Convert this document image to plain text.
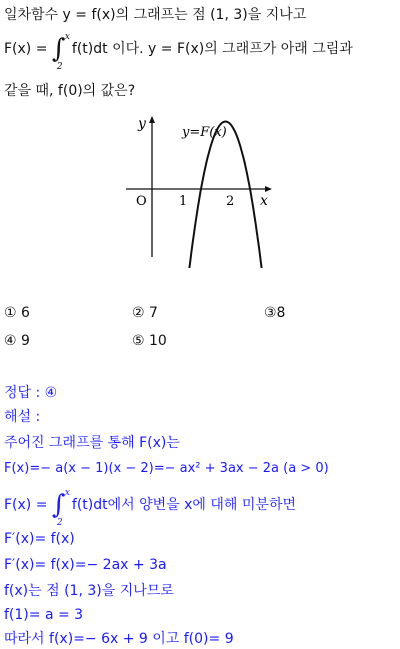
일차함수 y = f(x)의 그래프는 점 (1, 3)을 지나고
F(x) = ∫ x
2
f(t)dt 이다. y = F(x)의 그래프가 아래 그림과
같을 때, f(0)의 값은?
y
y=F(x)
O 1	2 x
① 6	② 7	③8
④ 9	⑤ 10
정답 : ④
해설 :
주어진 그래프를 통해 F(x)는
F(x)=− a(x − 1)(x − 2)=− ax² + 3ax − 2a (a > 0)
F(x) = ∫ x
2
f(t)dt에서 양변을 x에 대해 미분하면
F′(x)= f(x)
F′(x)= f(x)=− 2ax + 3a
f(x)는 점 (1, 3)을 지나므로
f(1)= a = 3
따라서 f(x)=− 6x + 9 이고 f(0)= 9
